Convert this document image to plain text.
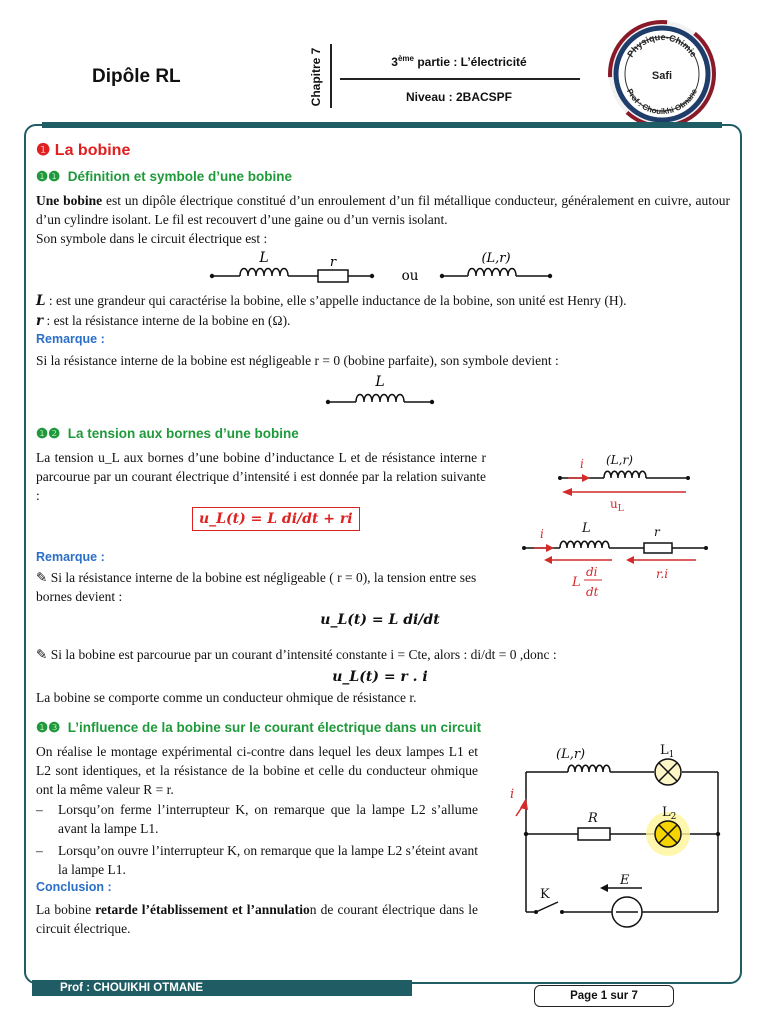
Dipôle RL	Chapitre 7	3ème partie : L’électricité
Niveau : 2BACSPF
Physique-Chimie
Prof : Chouikhi Otmane
Safi
❶ La bobine
❶❶ Définition et symbole d’une bobine
Une bobine est un dipôle électrique constitué d’un enroulement d’un fil métallique conducteur, généralement en cuivre, autour d’un cylindre isolant. Le fil est recouvert d’une gaine ou d’un vernis isolant.
Son symbole dans le circuit électrique est :
L	r
ou
(L,r)
L : est une grandeur qui caractérise la bobine, elle s’appelle inductance de la bobine, son unité est Henry (H).
r : est la résistance interne de la bobine en (Ω).
Remarque :
Si la résistance interne de la bobine est négligeable r = 0 (bobine parfaite), son symbole devient :
L
❶❷ La tension aux bornes d’une bobine
La tension u_L aux bornes d’une bobine d’inductance L et de résistance interne r parcourue par un courant électrique d’intensité i est donnée par la relation suivante :
u_L(t) = L di/dt + ri
Remarque :
✎ Si la résistance interne de la bobine est négligeable ( r = 0), la tension entre ses bornes devient :
u_L(t) = L di/dt
✎ Si la bobine est parcourue par un courant d’intensité constante i = Cte, alors : di/dt = 0 ,donc :
u_L(t) = r . i
La bobine se comporte comme un conducteur ohmique de résistance r.
i (L,r)
$u_L$
i	L	r
r.i
L
di
dt
❶❸ L’influence de la bobine sur le courant électrique dans un circuit
On réalise le montage expérimental ci-contre dans lequel les deux lampes L1 et L2 sont identiques, et la résistance de la bobine et celle du conducteur ohmique ont la même valeur R = r.
– Lorsqu’on ferme l’interrupteur K, on remarque que la lampe L2 s’allume avant la lampe L1.
– Lorsqu’on ouvre l’interrupteur K, on remarque que la lampe L2 s’éteint avant la lampe L1.
Conclusion :
La bobine retarde l’établissement et l’annulation de courant électrique dans le circuit électrique.
(L,r)	$L_1$
$L_2$
i
R
K
E
Prof : CHOUIKHI OTMANE
Page 1 sur 7
